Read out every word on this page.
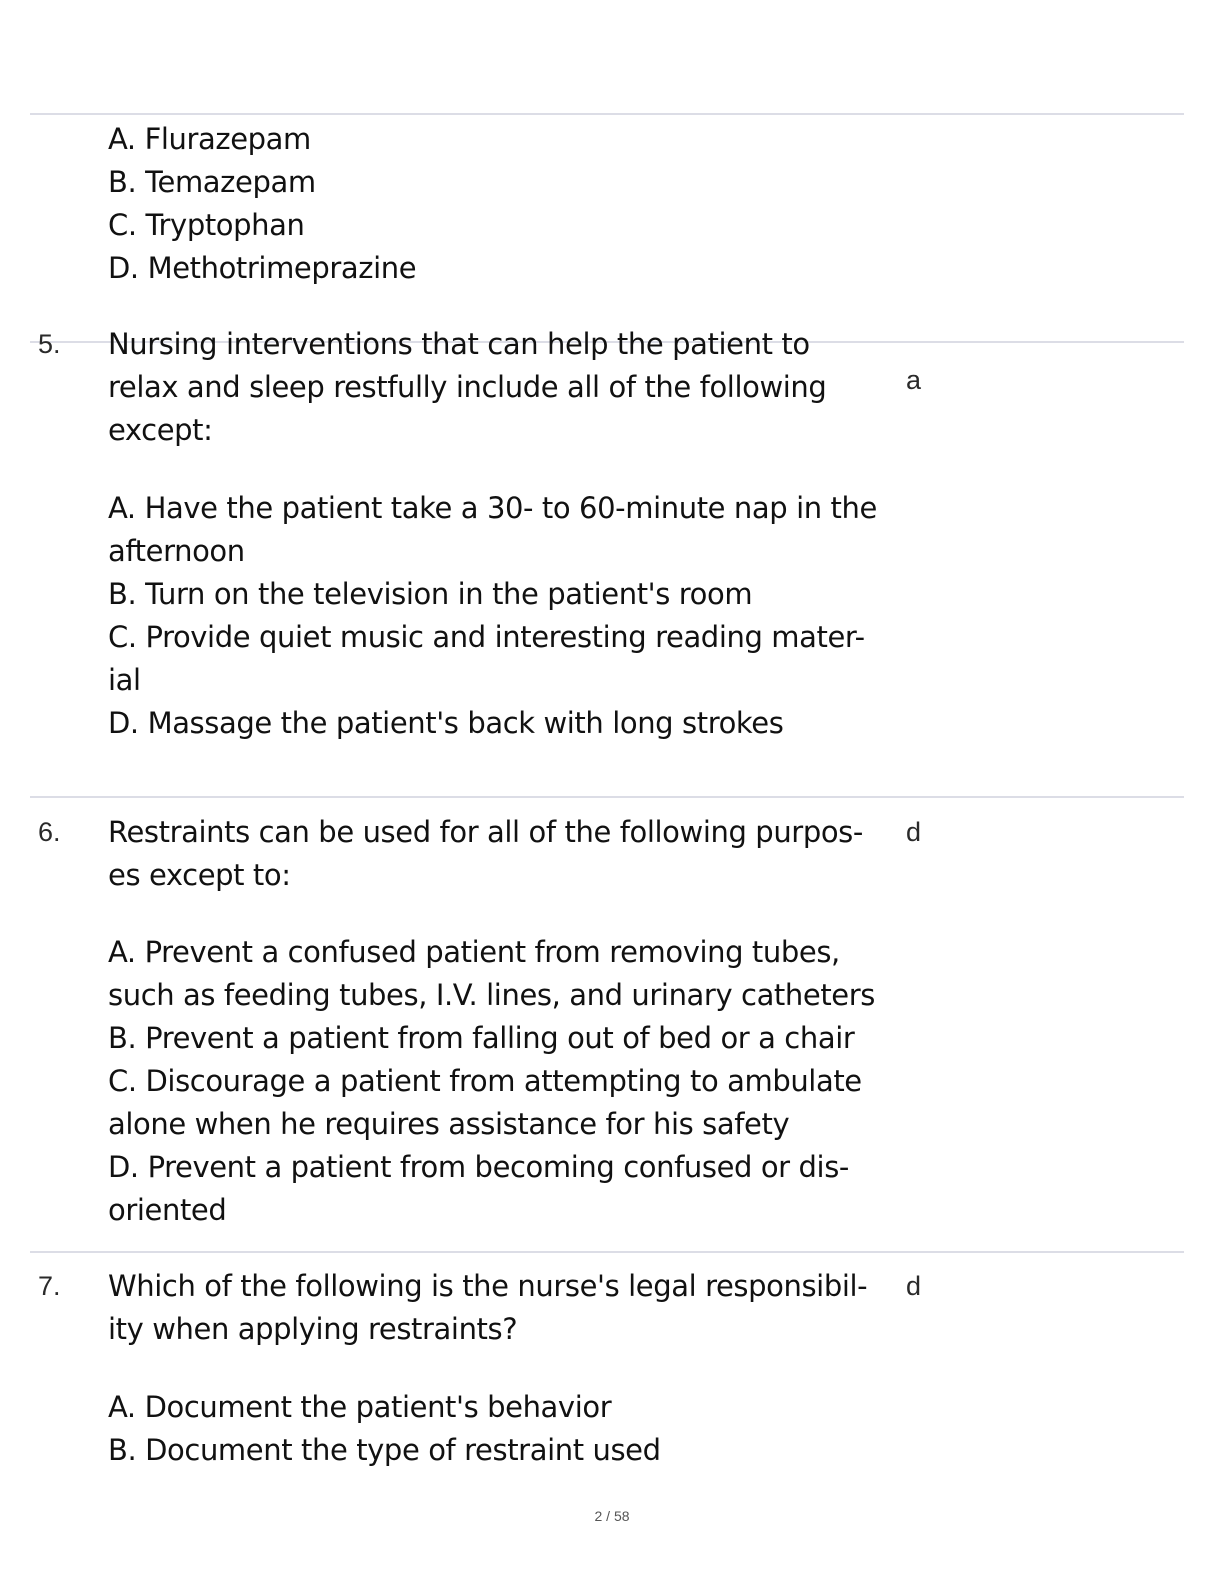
A. Flurazepam
B. Temazepam
C. Tryptophan
D. Methotrimeprazine
5. Nursing interventions that can help the patient to
relax and sleep restfully include all of the following
except:
a
A. Have the patient take a 30- to 60-minute nap in the
afternoon
B. Turn on the television in the patient's room
C. Provide quiet music and interesting reading mater-
ial
D. Massage the patient's back with long strokes
6. Restraints can be used for all of the following purpos-
es except to:
d
A. Prevent a confused patient from removing tubes,
such as feeding tubes, I.V. lines, and urinary catheters
B. Prevent a patient from falling out of bed or a chair
C. Discourage a patient from attempting to ambulate
alone when he requires assistance for his safety
D. Prevent a patient from becoming confused or dis-
oriented
7. Which of the following is the nurse's legal responsibil-
ity when applying restraints?
d
A. Document the patient's behavior
B. Document the type of restraint used
2 / 58
